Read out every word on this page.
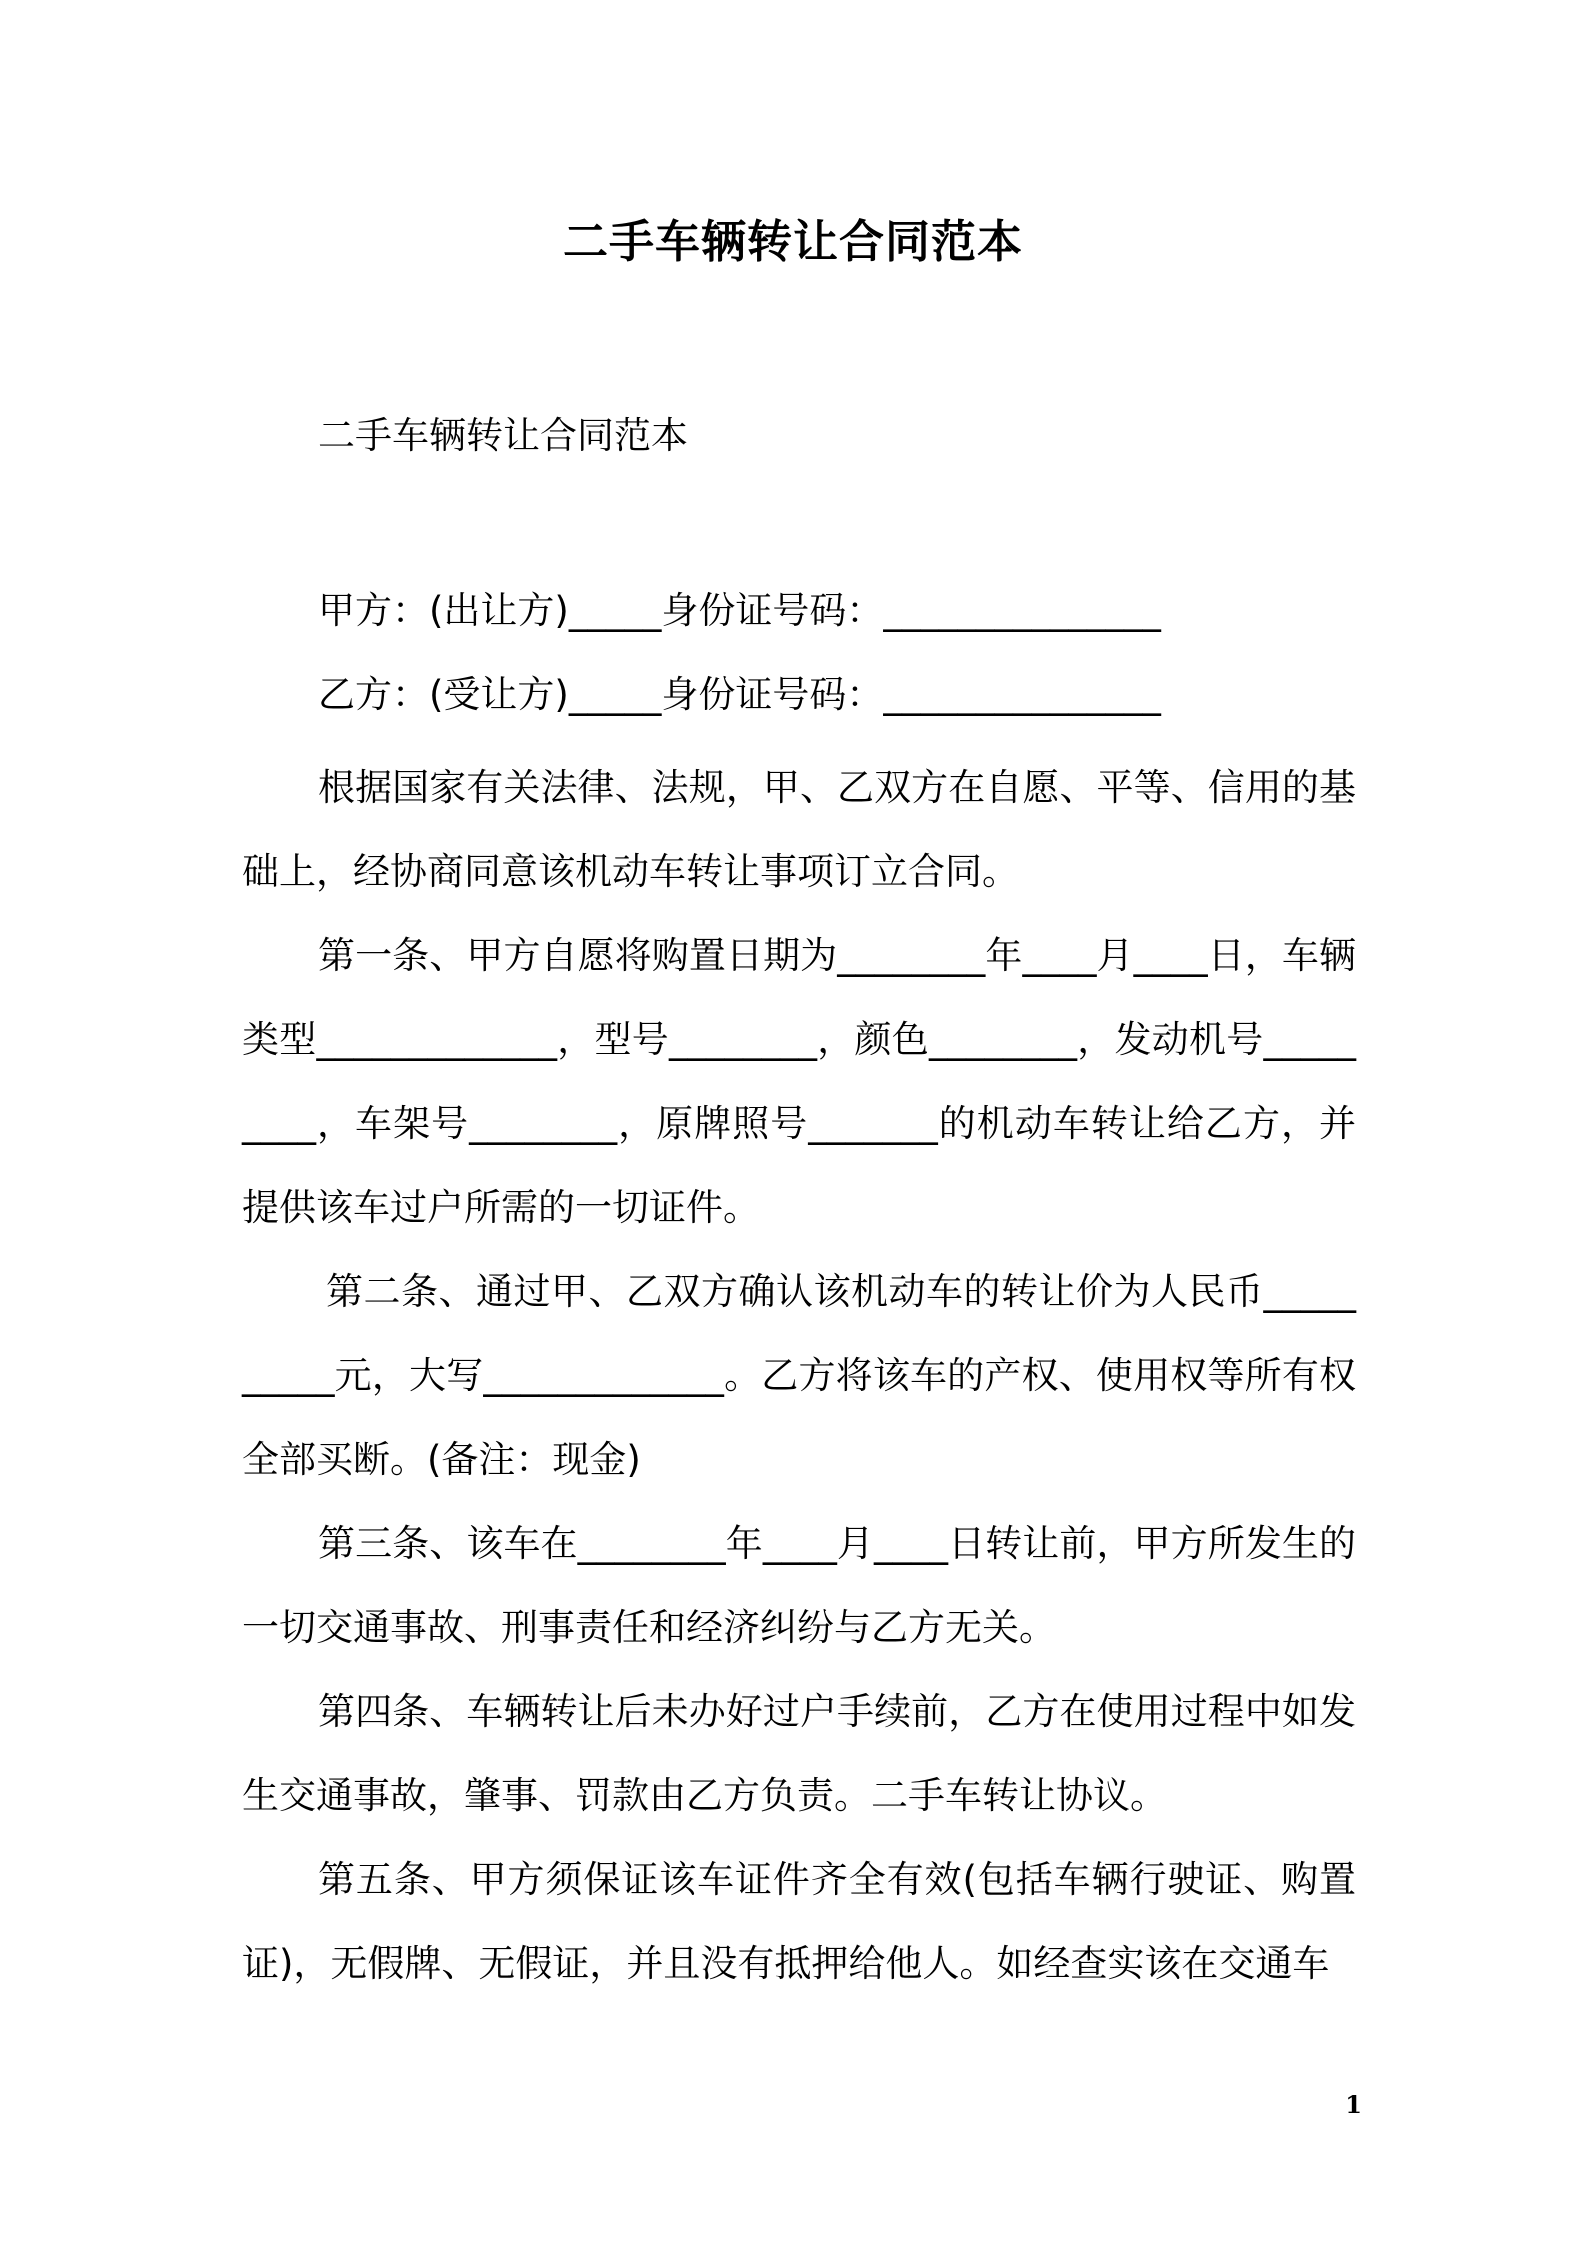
二手车辆转让合同范本
二手车辆转让合同范本
甲方：(出让方)_____身份证号码：_______________
乙方：(受让方)_____身份证号码：_______________

根据国家有关法律、法规，甲、乙双方在自愿、平等、信用的基础上，经协商同意该机动车转让事项订立合同。

第一条、甲方自愿将购置日期为________年____月____日，车辆类型_____________，型号________，颜色________，发动机号_________，车架号________，原牌照号_______的机动车转让给乙方，并提供该车过户所需的一切证件。

第二条、通过甲、乙双方确认该机动车的转让价为人民币__________元，大写_____________。乙方将该车的产权、使用权等所有权全部买断。(备注：现金)

第三条、该车在________年____月____日转让前，甲方所发生的一切交通事故、刑事责任和经济纠纷与乙方无关。

第四条、车辆转让后未办好过户手续前，乙方在使用过程中如发生交通事故，肇事、罚款由乙方负责。二手车转让协议。

第五条、甲方须保证该车证件齐全有效(包括车辆行驶证、购置证)，无假牌、无假证，并且没有抵押给他人。如经查实该在交通车

1
